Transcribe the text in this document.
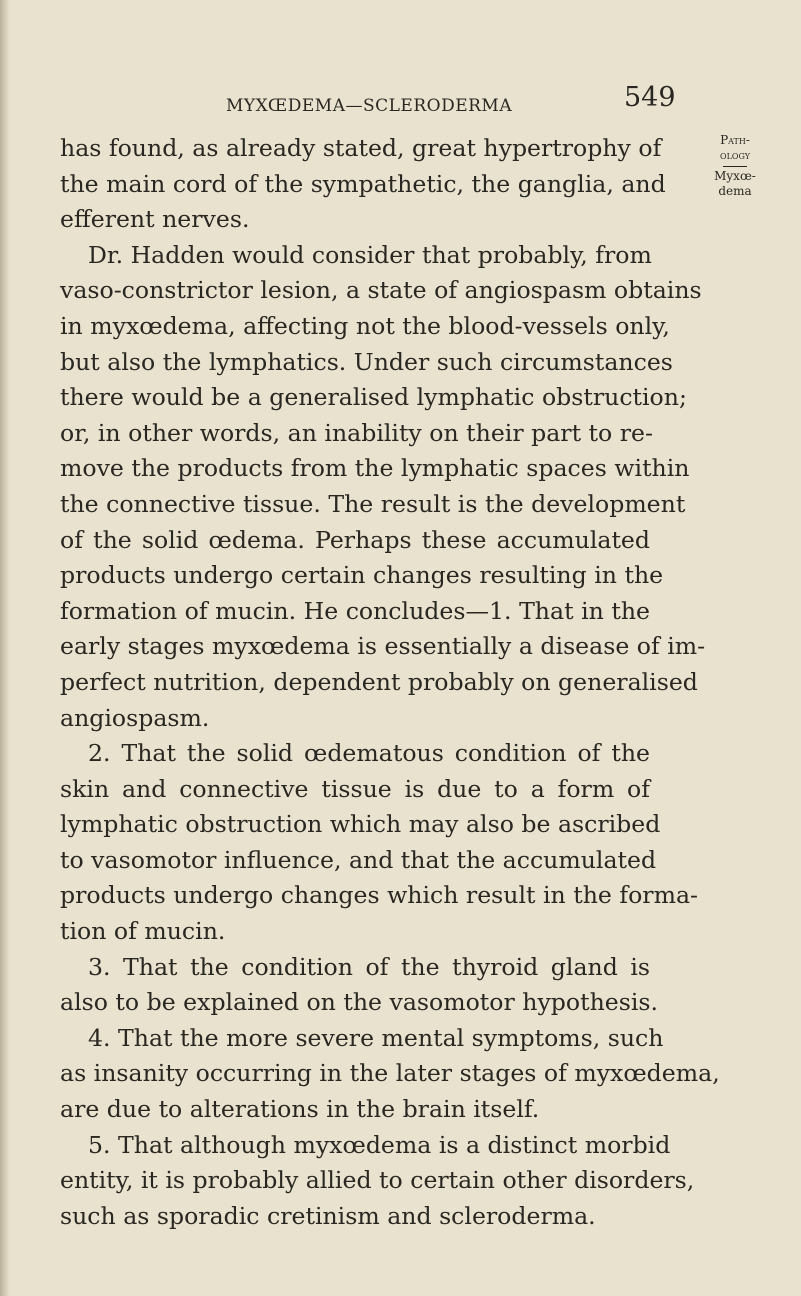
MYXŒDEMA—SCLERODERMA	549
Path-
ology
Myxœ-
dema
has found, as already stated, great hypertrophy of
the main cord of the sympathetic, the ganglia, and
efferent nerves.
Dr. Hadden would consider that probably, from
vaso-constrictor lesion, a state of angiospasm obtains
in myxœdema, affecting not the blood-vessels only,
but also the lymphatics. Under such circumstances
there would be a generalised lymphatic obstruction;
or, in other words, an inability on their part to re-
move the products from the lymphatic spaces within
the connective tissue. The result is the development
of the solid œdema. Perhaps these accumulated
products undergo certain changes resulting in the
formation of mucin. He concludes—1. That in the
early stages myxœdema is essentially a disease of im-
perfect nutrition, dependent probably on generalised
angiospasm.
2. That the solid œdematous condition of the
skin and connective tissue is due to a form of
lymphatic obstruction which may also be ascribed
to vasomotor influence, and that the accumulated
products undergo changes which result in the forma-
tion of mucin.
3. That the condition of the thyroid gland is
also to be explained on the vasomotor hypothesis.
4. That the more severe mental symptoms, such
as insanity occurring in the later stages of myxœdema,
are due to alterations in the brain itself.
5. That although myxœdema is a distinct morbid
entity, it is probably allied to certain other disorders,
such as sporadic cretinism and scleroderma.
